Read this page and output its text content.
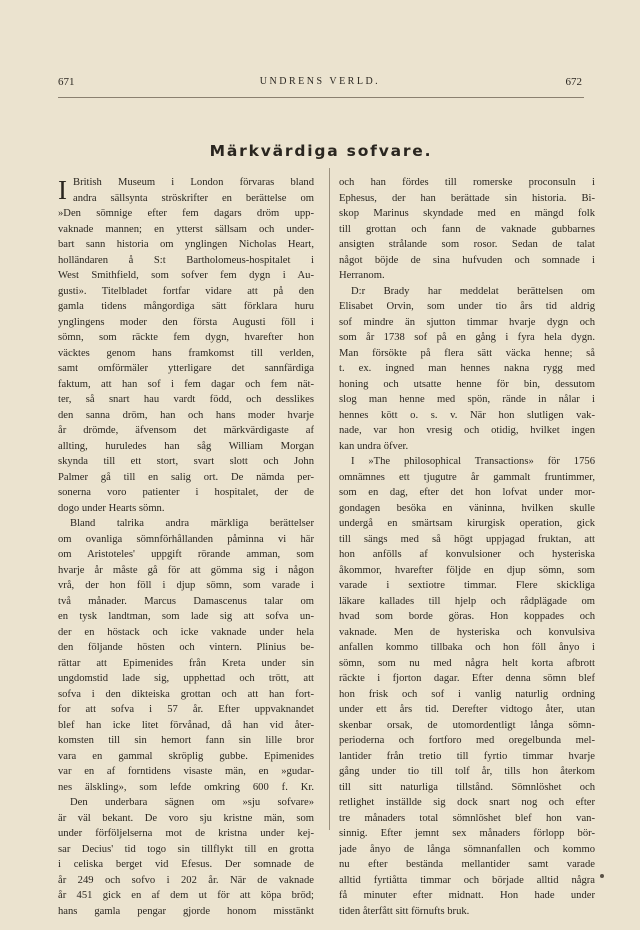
671	UNDRENS VERLD.	672
Märkvärdiga sofvare.
I British Museum i London förvaras bland
andra sällsynta ströskrifter en berättelse om
»Den sömnige efter fem dagars dröm upp-
vaknade mannen; en ytterst sällsam och under-
bart sann historia om ynglingen Nicholas Heart,
holländaren å S:t Bartholomeus-hospitalet i
West Smithfield, som sofver fem dygn i Au-
gusti». Titelbladet fortfar vidare att på den
gamla tidens mångordiga sätt förklara huru
ynglingens moder den första Augusti föll i
sömn, som räckte fem dygn, hvarefter hon
väcktes genom hans framkomst till verlden,
samt omförmäler ytterligare det sannfärdiga
faktum, att han sof i fem dagar och fem nät-
ter, så snart hau vardt född, och desslikes
den sanna dröm, han och hans moder hvarje
år drömde, äfvensom det märkvärdigaste af
allting, huruledes han såg William Morgan
skynda till ett stort, svart slott och John
Palmer gå till en salig ort. De nämda per-
sonerna voro patienter i hospitalet, der de
dogo under Hearts sömn.
Bland talrika andra märkliga berättelser
om ovanliga sömnförhållanden påminna vi här
om Aristoteles' uppgift rörande amman, som
hvarje år måste gå för att gömma sig i någon
vrå, der hon föll i djup sömn, som varade i
två månader. Marcus Damascenus talar om
en tysk landtman, som lade sig att sofva un-
der en höstack och icke vaknade under hela
den följande hösten och vintern. Plinius be-
rättar att Epimenides från Kreta under sin
ungdomstid lade sig, upphettad och trött, att
sofva i den dikteiska grottan och att han fort-
for att sofva i 57 år. Efter uppvaknandet
blef han icke litet förvånad, då han vid åter-
komsten till sin hemort fann sin lille bror
vara en gammal skröplig gubbe. Epimenides
var en af forntidens visaste män, en »gudar-
nes älskling», som lefde omkring 600 f. Kr.
Den underbara sägnen om »sju sofvare»
är väl bekant. De voro sju kristne män, som
under förföljelserna mot de kristna under kej-
sar Decius' tid togo sin tillflykt till en grotta
i celiska berget vid Efesus. Der somnade de
år 249 och sofvo i 202 år. När de vaknade
år 451 gick en af dem ut för att köpa bröd;
hans gamla pengar gjorde honom misstänkt
och han fördes till romerske proconsuln i
Ephesus, der han berättade sin historia. Bi-
skop Marinus skyndade med en mängd folk
till grottan och fann de vaknade gubbarnes
ansigten strålande som rosor. Sedan de talat
något böjde de sina hufvuden och somnade i
Herranom.
D:r Brady har meddelat berättelsen om
Elisabet Orvin, som under tio års tid aldrig
sof mindre än sjutton timmar hvarje dygn och
som år 1738 sof på en gång i fyra hela dygn.
Man försökte på flera sätt väcka henne; så
t. ex. ingned man hennes nakna rygg med
honing och utsatte henne för bin, dessutom
slog man henne med spön, rände in nålar i
hennes kött o. s. v. När hon slutligen vak-
nade, var hon vresig och otidig, hvilket ingen
kan undra öfver.
I »The philosophical Transactions» för 1756
omnämnes ett tjugutre år gammalt fruntimmer,
som en dag, efter det hon lofvat under mor-
gondagen besöka en väninna, hvilken skulle
undergå en smärtsam kirurgisk operation, gick
till sängs med så högt uppjagad fruktan, att
hon anfölls af konvulsioner och hysteriska
åkommor, hvarefter följde en djup sömn, som
varade i sextiotre timmar. Flere skickliga
läkare kallades till hjelp och rådplägade om
hvad som borde göras. Hon koppades och
vaknade. Men de hysteriska och konvulsiva
anfallen kommo tillbaka och hon föll ånyo i
sömn, som nu med några helt korta afbrott
räckte i fjorton dagar. Efter denna sömn blef
hon frisk och sof i vanlig naturlig ordning
under ett års tid. Derefter vidtogo åter, utan
skenbar orsak, de utomordentligt långa sömn-
perioderna och fortforo med oregelbunda mel-
lantider från tretio till fyrtio timmar hvarje
gång under tio till tolf år, tills hon återkom
till sitt naturliga tillstånd. Sömnlöshet och
retlighet inställde sig dock snart nog och efter
tre månaders total sömnlöshet blef hon van-
sinnig. Efter jemnt sex månaders förlopp bör-
jade ånyo de långa sömnanfallen och kommo
nu efter bestända mellantider samt varade
alltid fyrtiåtta timmar och började alltid några
få minuter efter midnatt. Hon hade under
tiden återfått sitt förnufts bruk.
